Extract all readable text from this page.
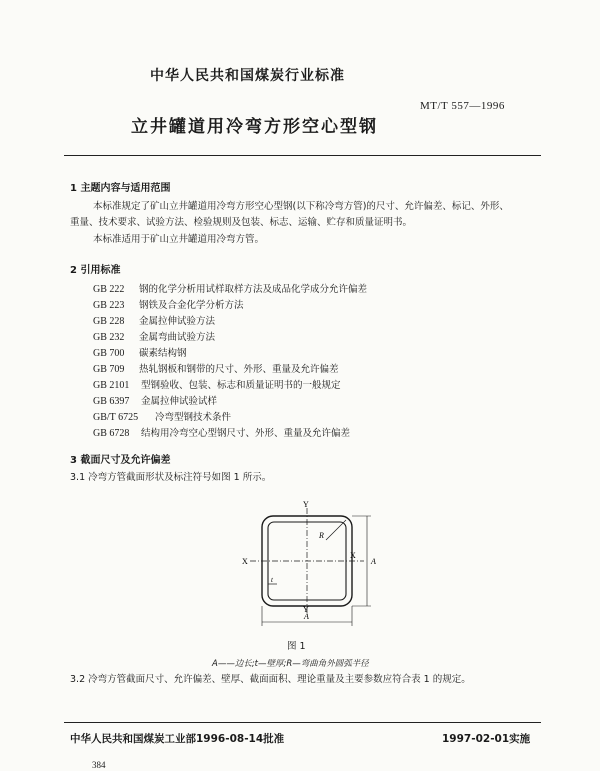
中华人民共和国煤炭行业标准
MT/T 557—1996
立井罐道用冷弯方形空心型钢
1 主题内容与适用范围
本标准规定了矿山立井罐道用冷弯方形空心型钢(以下称冷弯方管)的尺寸、允许偏差、标记、外形、
重量、技术要求、试验方法、检验规则及包装、标志、运输、贮存和质量证明书。
本标准适用于矿山立井罐道用冷弯方管。
2 引用标准
GB 222 钢的化学分析用试样取样方法及成品化学成分允许偏差
GB 223 钢铁及合金化学分析方法
GB 228 金属拉伸试验方法
GB 232 金属弯曲试验方法
GB 700 碳素结构钢
GB 709 热轧钢板和钢带的尺寸、外形、重量及允许偏差
GB 2101 型钢验收、包装、标志和质量证明书的一般规定
GB 6397 金属拉伸试验试样
GB/T 6725 冷弯型钢技术条件
GB 6728 结构用冷弯空心型钢尺寸、外形、重量及允许偏差
3 截面尺寸及允许偏差
3.1 冷弯方管截面形状及标注符号如图 1 所示。
Y
Y
X
X
R
t
A
A
图 1
A——边长;t—壁厚;R—弯曲角外圆弧半径
3.2 冷弯方管截面尺寸、允许偏差、壁厚、截面面积、理论重量及主要参数应符合表 1 的规定。
中华人民共和国煤炭工业部1996-08-14批准	1997-02-01实施
384
